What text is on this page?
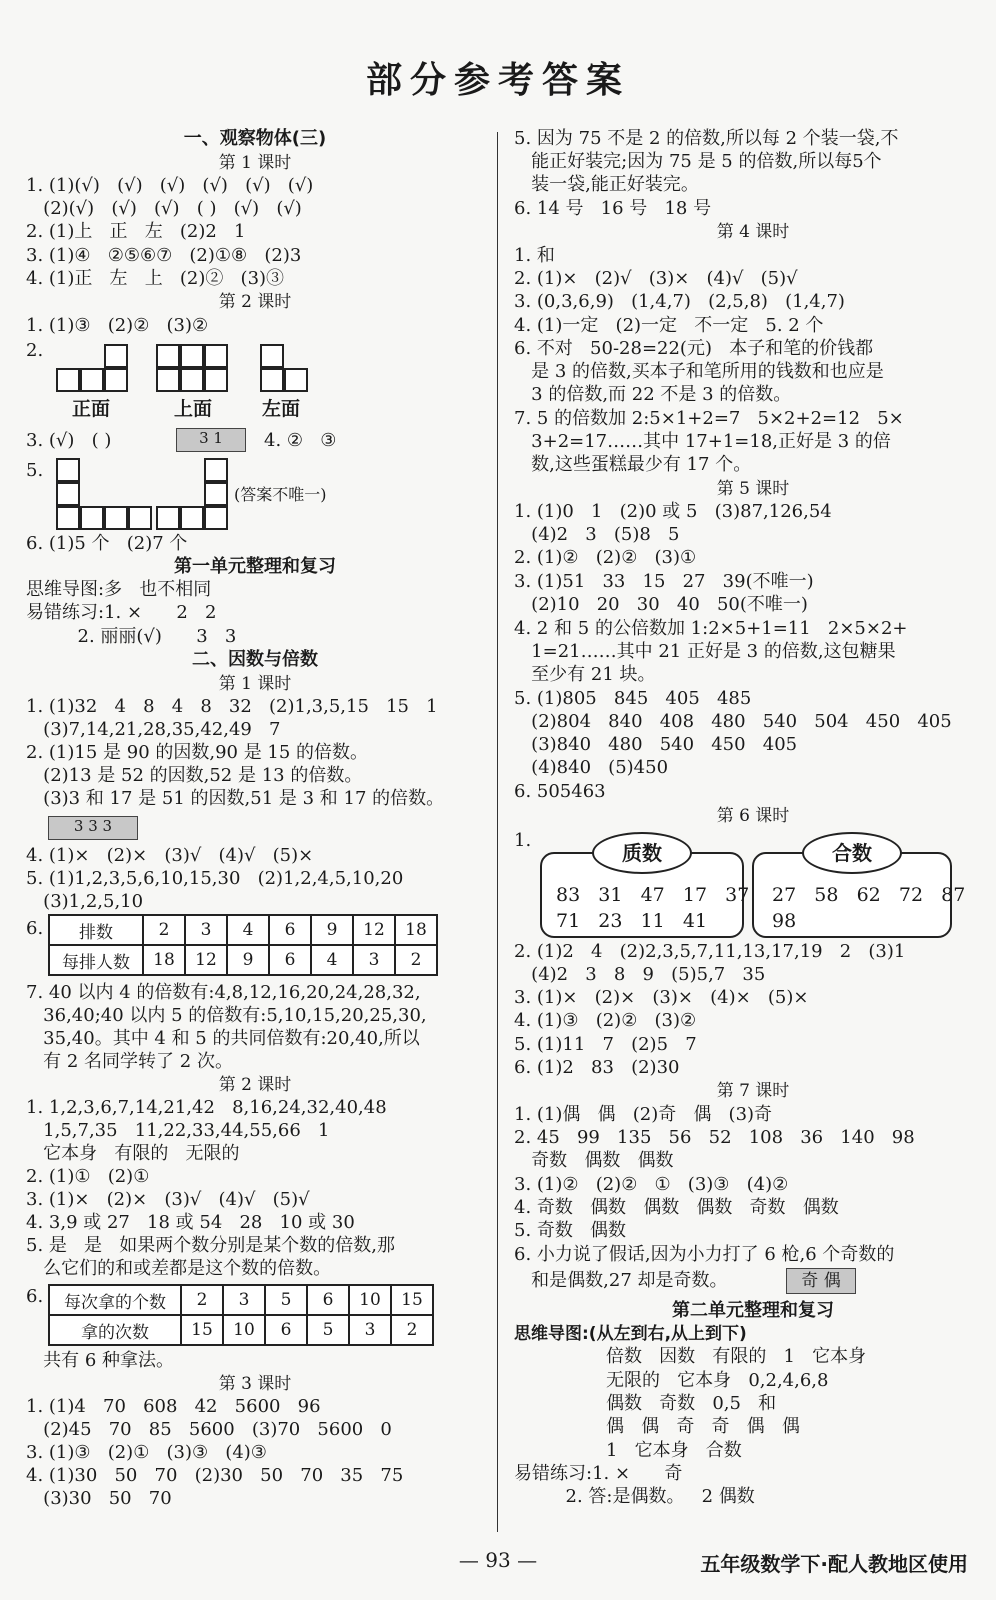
部分参考答案
一、观察物体(三)
第 1 课时
1. (1)(√)   (√)   (√)   (√)   (√)   (√)
(2)(√)   (√)   (√)   ( )   (√)   (√)
2. (1)上   正   左   (2)2   1
3. (1)④   ②⑤⑥⑦   (2)①⑧   (2)3
4. (1)正   左   上   (2)②   (3)③
第 2 课时
1. (1)③   (2)②   (3)②
2.
正面	上面	左面
3. (√)   ( )	3 1	4. ②   ③
5.
(答案不唯一)
6. (1)5 个   (2)7 个
第一单元整理和复习
思维导图:多   也不相同
易错练习:1. ×      2   2
2. 丽丽(√)      3   3
二、因数与倍数
第 1 课时
1. (1)32   4   8   4   8   32   (2)1,3,5,15   15   1
(3)7,14,21,28,35,42,49   7
2. (1)15 是 90 的因数,90 是 15 的倍数。
(2)13 是 52 的因数,52 是 13 的倍数。
(3)3 和 17 是 51 的因数,51 是 3 和 17 的倍数。
3 3 3
4. (1)×   (2)×   (3)√   (4)√   (5)×
5. (1)1,2,3,5,6,10,15,30   (2)1,2,4,5,10,20
(3)1,2,5,10
6. 排数	2	3	4	6	9	12	18
每排人数	18	12	9	6	4	3	2
7. 40 以内 4 的倍数有:4,8,12,16,20,24,28,32,
36,40;40 以内 5 的倍数有:5,10,15,20,25,30,
35,40。其中 4 和 5 的共同倍数有:20,40,所以
有 2 名同学转了 2 次。
第 2 课时
1. 1,2,3,6,7,14,21,42   8,16,24,32,40,48
1,5,7,35   11,22,33,44,55,66   1
它本身   有限的   无限的
2. (1)①   (2)①
3. (1)×   (2)×   (3)√   (4)√   (5)√
4. 3,9 或 27   18 或 54   28   10 或 30
5. 是   是   如果两个数分别是某个数的倍数,那
么它们的和或差都是这个数的倍数。
6. 每次拿的个数	2	3	5	6	10	15
拿的次数	15	10	6	5	3	2
共有 6 种拿法。
第 3 课时
1. (1)4   70   608   42   5600   96
(2)45   70   85   5600   (3)70   5600   0
3. (1)③   (2)①   (3)③   (4)③
4. (1)30   50   70   (2)30   50   70   35   75
(3)30   50   70
5. 因为 75 不是 2 的倍数,所以每 2 个装一袋,不
能正好装完;因为 75 是 5 的倍数,所以每5个
装一袋,能正好装完。
6. 14 号   16 号   18 号
第 4 课时
1. 和
2. (1)×   (2)√   (3)×   (4)√   (5)√
3. (0,3,6,9)   (1,4,7)   (2,5,8)   (1,4,7)
4. (1)一定   (2)一定   不一定   5. 2 个
6. 不对   50-28=22(元)   本子和笔的价钱都
是 3 的倍数,买本子和笔所用的钱数和也应是
3 的倍数,而 22 不是 3 的倍数。
7. 5 的倍数加 2:5×1+2=7   5×2+2=12   5×
3+2=17……其中 17+1=18,正好是 3 的倍
数,这些蛋糕最少有 17 个。
第 5 课时
1. (1)0   1   (2)0 或 5   (3)87,126,54
(4)2   3   (5)8   5
2. (1)②   (2)②   (3)①
3. (1)51   33   15   27   39(不唯一)
(2)10   20   30   40   50(不唯一)
4. 2 和 5 的公倍数加 1:2×5+1=11   2×5×2+
1=21……其中 21 正好是 3 的倍数,这包糖果
至少有 21 块。
5. (1)805   845   405   485
(2)804   840   408   480   540   504   450   405
(3)840   480   540   450   405
(4)840   (5)450
6. 505463
第 6 课时
1.
质数
83   31   47   17   37
71   23   11   41
合数
27   58   62   72   87
98
2. (1)2   4   (2)2,3,5,7,11,13,17,19   2   (3)1
(4)2   3   8   9   (5)5,7   35
3. (1)×   (2)×   (3)×   (4)×   (5)×
4. (1)③   (2)②   (3)②
5. (1)11   7   (2)5   7
6. (1)2   83   (2)30
第 7 课时
1. (1)偶   偶   (2)奇   偶   (3)奇
2. 45   99   135   56   52   108   36   140   98
奇数   偶数   偶数
3. (1)②   (2)②   ①   (3)③   (4)②
4. 奇数   偶数   偶数   偶数   奇数   偶数
5. 奇数   偶数
6. 小力说了假话,因为小力打了 6 枪,6 个奇数的
和是偶数,27 却是奇数。	奇 偶
第二单元整理和复习
思维导图:(从左到右,从上到下)
倍数   因数   有限的   1   它本身
无限的   它本身   0,2,4,6,8
偶数   奇数   0,5   和
偶   偶   奇   奇   偶   偶
1   它本身   合数
易错练习:1. ×      奇
2. 答:是偶数。   2 偶数
— 93 —	五年级数学下·配人教地区使用
